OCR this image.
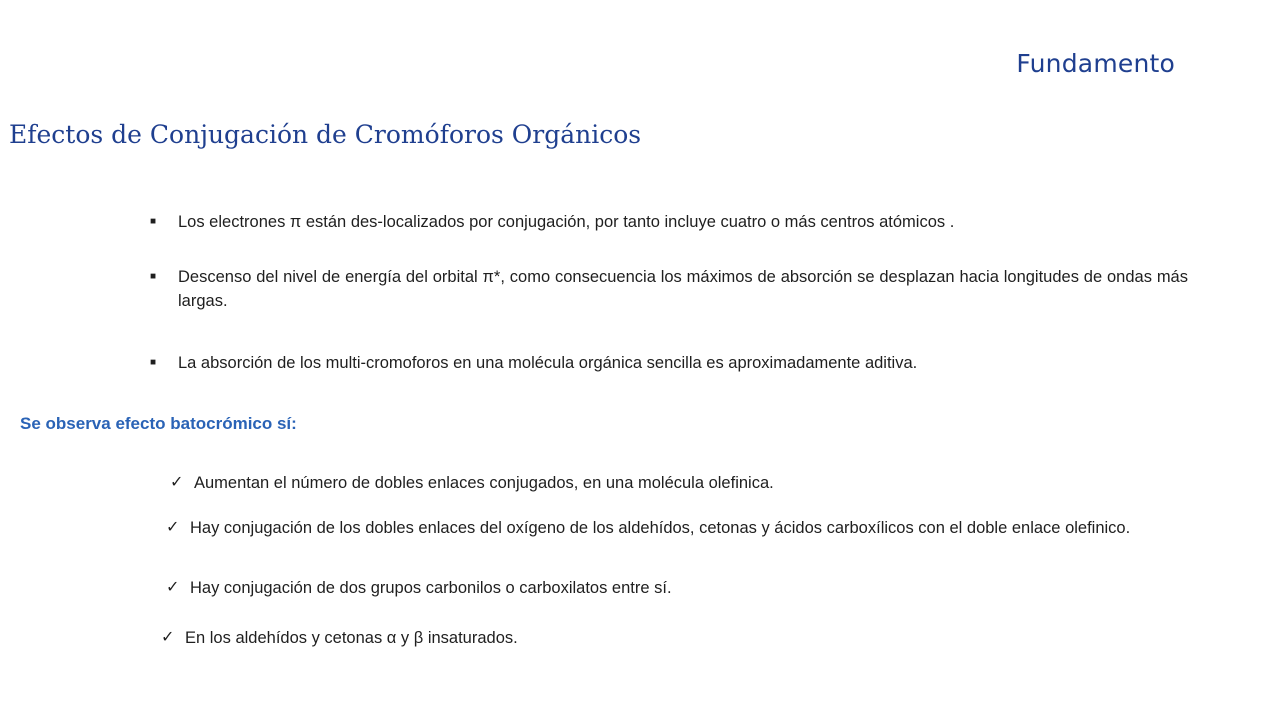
Fundamento
Efectos de Conjugación de Cromóforos Orgánicos
■	Los electrones π están des-localizados por conjugación, por tanto incluye cuatro o más centros atómicos .
■	Descenso del nivel de energía del orbital π*, como consecuencia los máximos de absorción se desplazan hacia longitudes de ondas más largas.
■	La absorción de los multi-cromoforos en una molécula orgánica sencilla es aproximadamente aditiva.
Se observa efecto batocrómico sí:
✓ Aumentan el número de dobles enlaces conjugados, en una molécula olefinica.
✓ Hay conjugación de los dobles enlaces del oxígeno de los aldehídos, cetonas y ácidos carboxílicos con el doble enlace olefinico.
✓ Hay conjugación de dos grupos carbonilos o carboxilatos entre sí.
✓ En los aldehídos y cetonas α y β insaturados.
